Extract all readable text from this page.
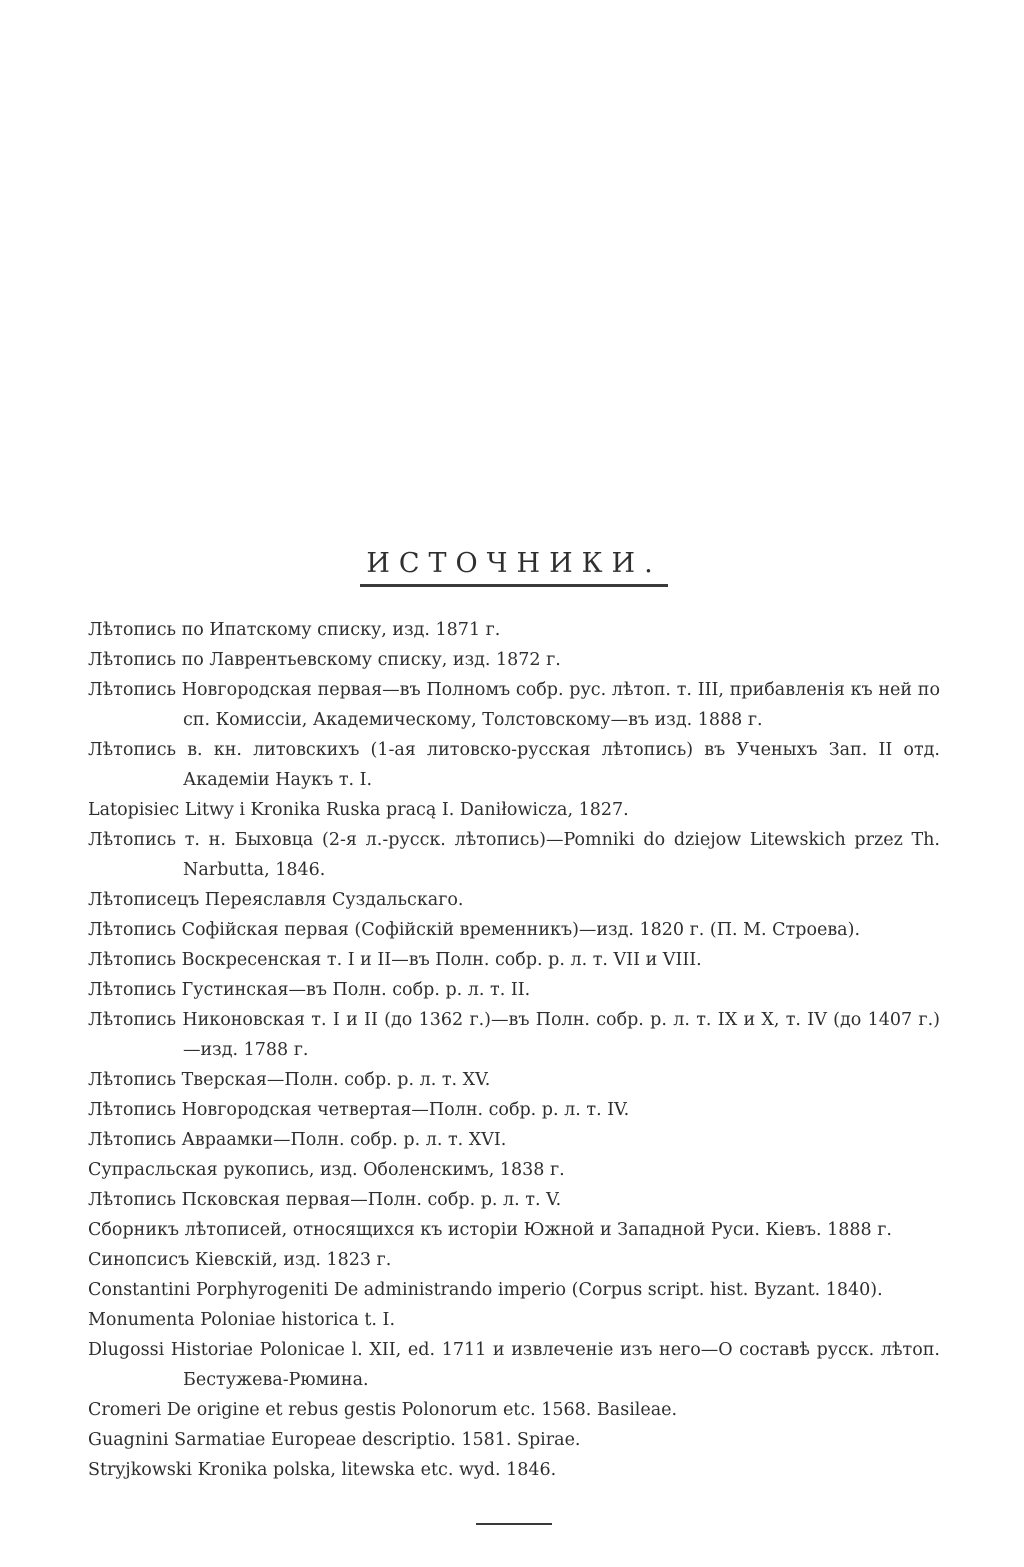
ИСТОЧНИКИ.

Лѣтопись по Ипатскому списку, изд. 1871 г.

Лѣтопись по Лаврентьевскому списку, изд. 1872 г.

Лѣтопись Новгородская первая—въ Полномъ собр. рус. лѣтоп. т. III, прибавленія къ ней по сп. Комиссіи, Академическому, Толстовскому—въ изд. 1888 г.

Лѣтопись в. кн. литовскихъ (1-ая литовско-русская лѣтопись) въ Ученыхъ Зап. II отд. Академіи Наукъ т. I.

Latopisiec Litwy i Kronika Ruska pracą I. Daniłowicza, 1827.

Лѣтопись т. н. Быховца (2-я л.-русск. лѣтопись)—Pomniki do dziejow Litewskich przez Th. Narbutta, 1846.

Лѣтописецъ Переяславля Суздальскаго.

Лѣтопись Софійская первая (Софійскій временникъ)—изд. 1820 г. (П. М. Строева).

Лѣтопись Воскресенская т. I и II—въ Полн. собр. р. л. т. VII и VIII.

Лѣтопись Густинская—въ Полн. собр. р. л. т. II.

Лѣтопись Никоновская т. I и II (до 1362 г.)—въ Полн. собр. р. л. т. IX и X, т. IV (до 1407 г.)—изд. 1788 г.

Лѣтопись Тверская—Полн. собр. р. л. т. XV.

Лѣтопись Новгородская четвертая—Полн. собр. р. л. т. IV.

Лѣтопись Авраамки—Полн. собр. р. л. т. XVI.

Супрасльская рукопись, изд. Оболенскимъ, 1838 г.

Лѣтопись Псковская первая—Полн. собр. р. л. т. V.

Сборникъ лѣтописей, относящихся къ исторіи Южной и Западной Руси. Кіевъ. 1888 г.

Синопсисъ Кіевскій, изд. 1823 г.

Constantini Porphyrogeniti De administrando imperio (Corpus script. hist. Byzant. 1840).

Monumenta Poloniae historica t. I.

Dlugossi Historiae Polonicae l. XII, ed. 1711 и извлеченіе изъ него—О составѣ русск. лѣтоп. Бестужева-Рюмина.

Cromeri De origine et rebus gestis Polonorum etc. 1568. Basileae.

Guagnini Sarmatiae Europeae descriptio. 1581. Spirae.

Stryjkowski Kronika polska, litewska etc. wyd. 1846.
